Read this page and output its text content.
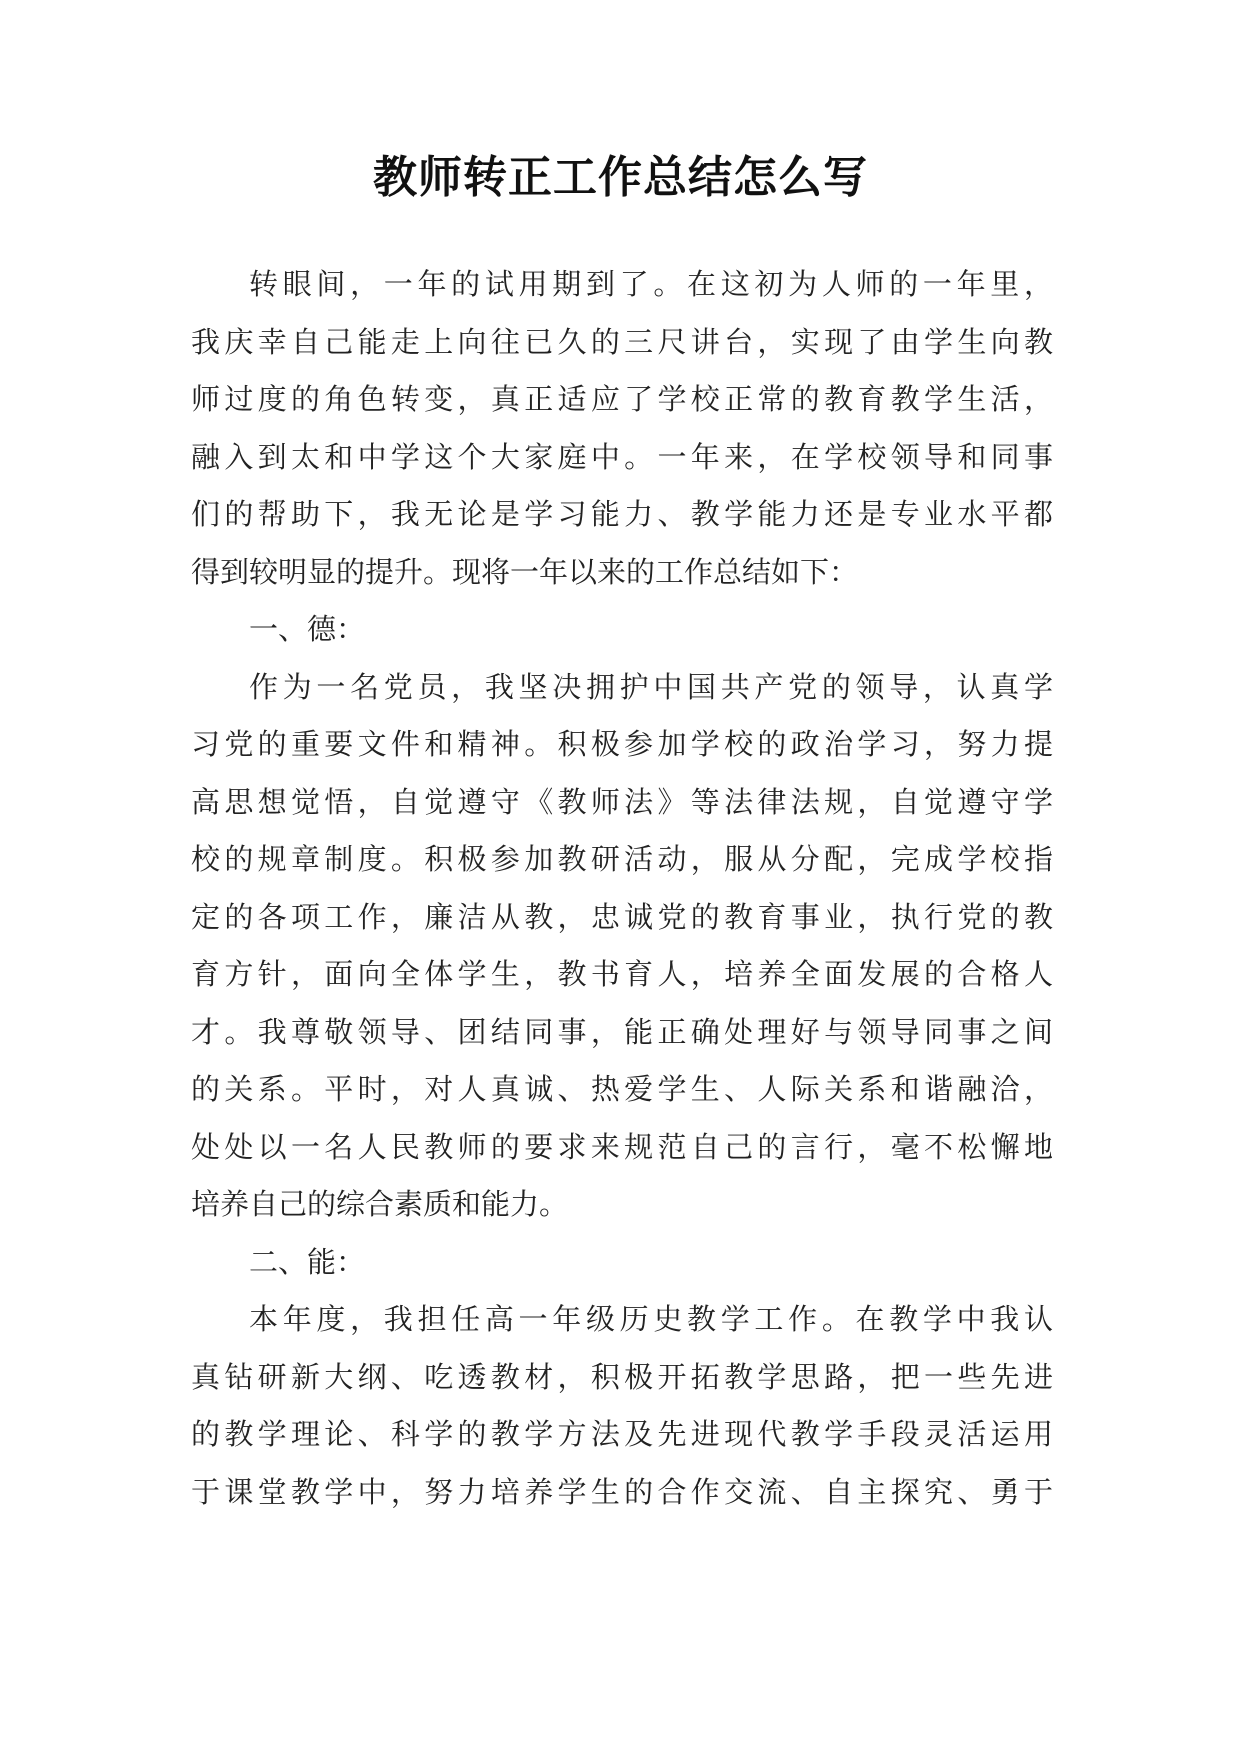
教师转正工作总结怎么写
转眼间，一年的试用期到了。在这初为人师的一年里，
我庆幸自己能走上向往已久的三尺讲台，实现了由学生向教
师过度的角色转变，真正适应了学校正常的教育教学生活，
融入到太和中学这个大家庭中。一年来，在学校领导和同事
们的帮助下，我无论是学习能力、教学能力还是专业水平都
得到较明显的提升。现将一年以来的工作总结如下：
一、德：
作为一名党员，我坚决拥护中国共产党的领导，认真学
习党的重要文件和精神。积极参加学校的政治学习，努力提
高思想觉悟，自觉遵守《教师法》等法律法规，自觉遵守学
校的规章制度。积极参加教研活动，服从分配，完成学校指
定的各项工作，廉洁从教，忠诚党的教育事业，执行党的教
育方针，面向全体学生，教书育人，培养全面发展的合格人
才。我尊敬领导、团结同事，能正确处理好与领导同事之间
的关系。平时，对人真诚、热爱学生、人际关系和谐融洽，
处处以一名人民教师的要求来规范自己的言行，毫不松懈地
培养自己的综合素质和能力。
二、能：
本年度，我担任高一年级历史教学工作。在教学中我认
真钻研新大纲、吃透教材，积极开拓教学思路，把一些先进
的教学理论、科学的教学方法及先进现代教学手段灵活运用
于课堂教学中，努力培养学生的合作交流、自主探究、勇于
